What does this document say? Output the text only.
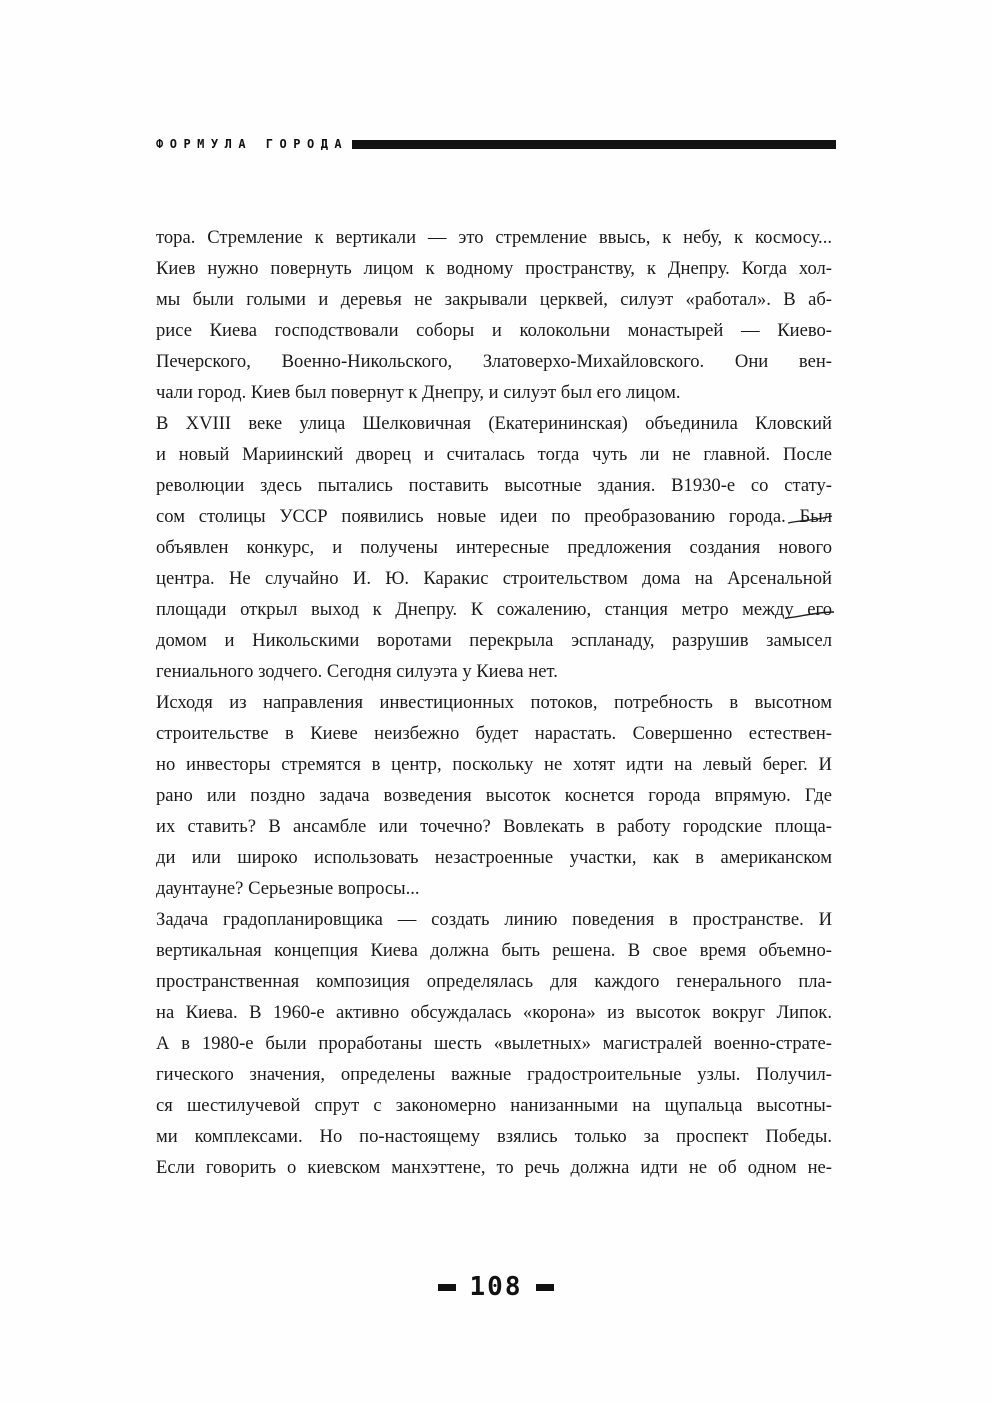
ФОРМУЛА ГОРОДА
тора. Стремление к вертикали — это стремление ввысь, к небу, к космосу...
Киев нужно повернуть лицом к водному пространству, к Днепру. Когда хол-
мы были голыми и деревья не закрывали церквей, силуэт «работал». В аб-
рисе Киева господствовали соборы и колокольни монастырей — Киево-
Печерского, Военно-Никольского, Златоверхо-Михайловского. Они вен-
чали город. Киев был повернут к Днепру, и силуэт был его лицом.
В XVIII веке улица Шелковичная (Екатерининская) объединила Кловский
и новый Мариинский дворец и считалась тогда чуть ли не главной. После
революции здесь пытались поставить высотные здания. В1930-е со стату-
сом столицы УССР появились новые идеи по преобразованию города. Был
объявлен конкурс, и получены интересные предложения создания нового
центра. Не случайно И. Ю. Каракис строительством дома на Арсенальной
площади открыл выход к Днепру. К сожалению, станция метро между его
домом и Никольскими воротами перекрыла эспланаду, разрушив замысел
гениального зодчего. Сегодня силуэта у Киева нет.
Исходя из направления инвестиционных потоков, потребность в высотном
строительстве в Киеве неизбежно будет нарастать. Совершенно естествен-
но инвесторы стремятся в центр, поскольку не хотят идти на левый берег. И
рано или поздно задача возведения высоток коснется города впрямую. Где
их ставить? В ансамбле или точечно? Вовлекать в работу городские площа-
ди или широко использовать незастроенные участки, как в американском
даунтауне? Серьезные вопросы...
Задача градопланировщика — создать линию поведения в пространстве. И
вертикальная концепция Киева должна быть решена. В свое время объемно-
пространственная композиция определялась для каждого генерального пла-
на Киева. В 1960-е активно обсуждалась «корона» из высоток вокруг Липок.
А в 1980-е были проработаны шесть «вылетных» магистралей военно-страте-
гического значения, определены важные градостроительные узлы. Получил-
ся шестилучевой спрут с закономерно нанизанными на щупальца высотны-
ми комплексами. Но по-настоящему взялись только за проспект Победы.
Если говорить о киевском манхэттене, то речь должна идти не об одном не-
108
